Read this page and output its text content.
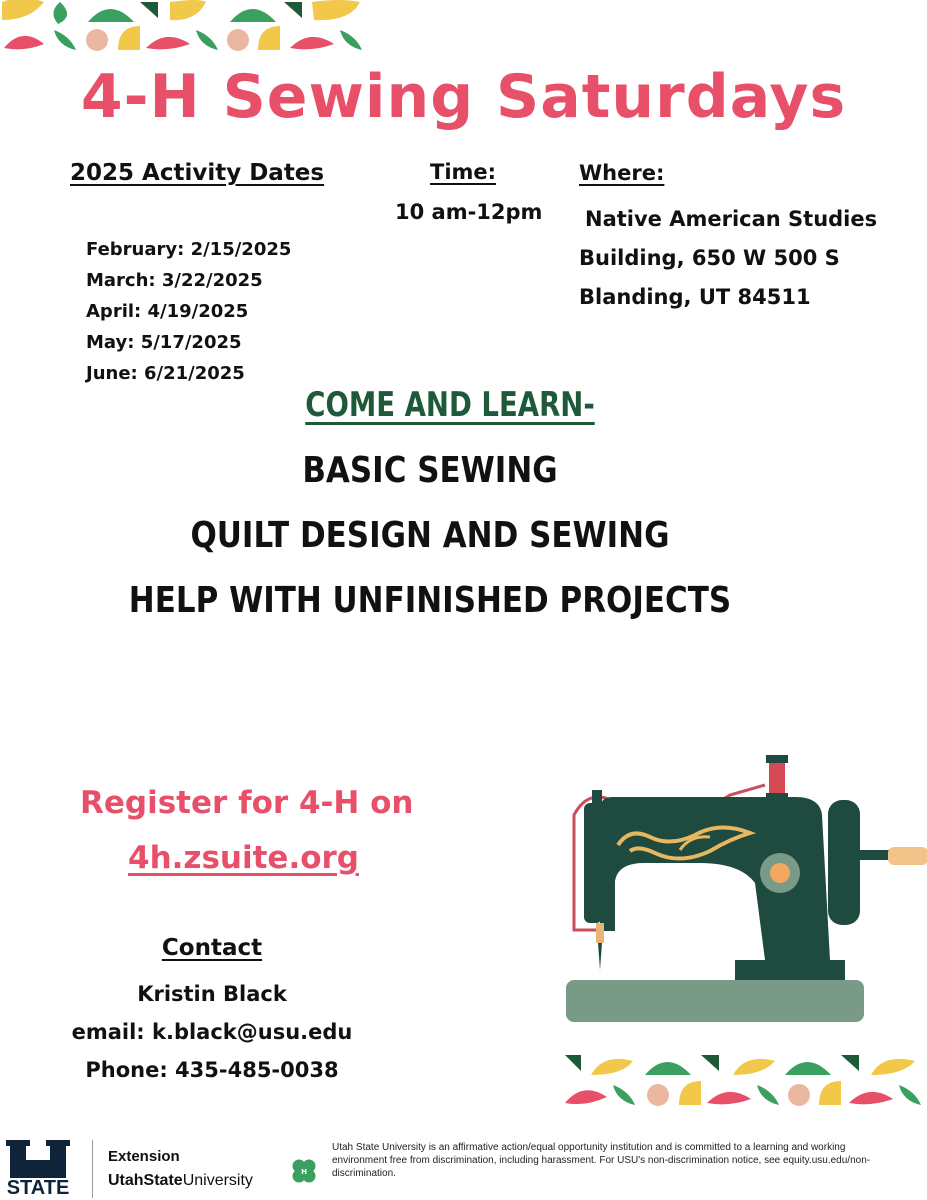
4-H Sewing Saturdays
2025 Activity Dates
February: 2/15/2025
March: 3/22/2025
April: 4/19/2025
May: 5/17/2025
June: 6/21/2025
Time:
10 am-12pm
Where:
Native American Studies
Building, 650 W 500 S
Blanding, UT 84511
COME AND LEARN-
BASIC SEWING
QUILT DESIGN AND SEWING
HELP WITH UNFINISHED PROJECTS
Register for 4-H on
4h.zsuite.org
Contact
Kristin Black
email: k.black@usu.edu
Phone: 435-485-0038
STATE
Extension
UtahStateUniversity	H
Utah State University is an affirmative action/equal opportunity institution and is committed to a learning and working environment free from discrimination, including harassment. For USU's non-discrimination notice, see equity.usu.edu/non-discrimination.
